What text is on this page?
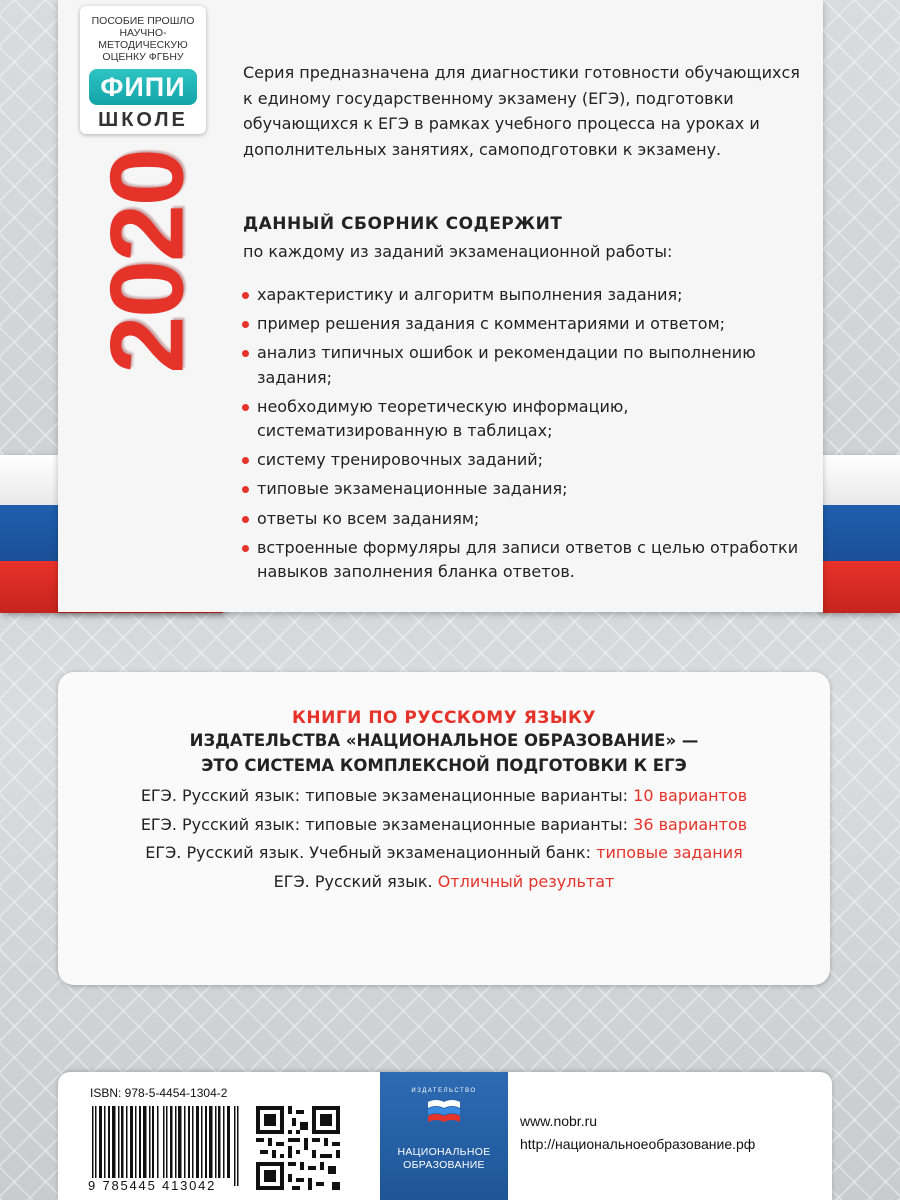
ПОСОБИЕ ПРОШЛО НАУЧНО-МЕТОДИЧЕСКУЮ ОЦЕНКУ ФГБНУ
ФИПИ
ШКОЛЕ
2020

Серия предназначена для диагностики готовности обучающихся к единому государственному экзамену (ЕГЭ), подготовки обучающихся к ЕГЭ в рамках учебного процесса на уроках и дополнительных занятиях, самоподготовки к экзамену.

ДАННЫЙ СБОРНИК СОДЕРЖИТ
по каждому из заданий экзаменационной работы:
характеристику и алгоритм выполнения задания;
пример решения задания с комментариями и ответом;
анализ типичных ошибок и рекомендации по выполнению задания;
необходимую теоретическую информацию, систематизированную в таблицах;
систему тренировочных заданий;
типовые экзаменационные задания;
ответы ко всем заданиям;
встроенные формуляры для записи ответов с целью отработки навыков заполнения бланка ответов.
КНИГИ ПО РУССКОМУ ЯЗЫКУ
ИЗДАТЕЛЬСТВА «НАЦИОНАЛЬНОЕ ОБРАЗОВАНИЕ» —
ЭТО СИСТЕМА КОМПЛЕКСНОЙ ПОДГОТОВКИ К ЕГЭ
ЕГЭ. Русский язык: типовые экзаменационные варианты: 10 вариантов
ЕГЭ. Русский язык: типовые экзаменационные варианты: 36 вариантов
ЕГЭ. Русский язык. Учебный экзаменационный банк: типовые задания
ЕГЭ. Русский язык. Отличный результат
ISBN: 978-5-4454-1304-2
9 785445 413042
ИЗДАТЕЛЬСТВО
НАЦИОНАЛЬНОЕ
ОБРАЗОВАНИЕ
www.nobr.ru
http://национальноеобразование.рф
